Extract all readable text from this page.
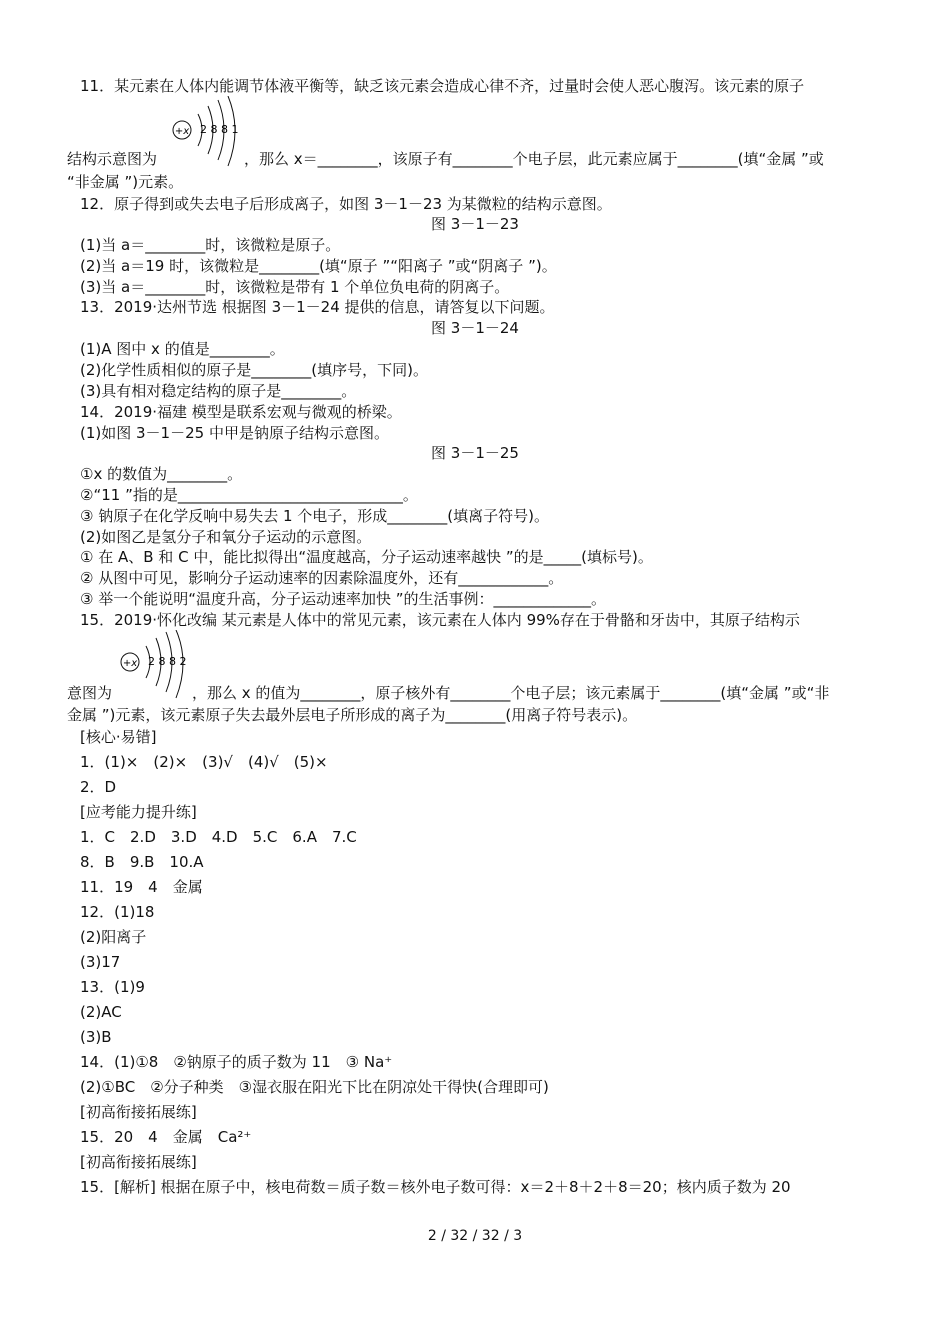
11．某元素在人体内能调节体液平衡等，缺乏该元素会造成心律不齐，过量时会使人恶心腹泻。该元素的原子
+x 2 8 8 1
结构示意图为	，那么 x＝________，该原子有________个电子层，此元素应属于________(填“金属 ”或
“非金属 ”)元素。
12．原子得到或失去电子后形成离子，如图 3－1－23 为某微粒的结构示意图。
图 3－1－23
(1)当 a＝________时，该微粒是原子。
(2)当 a＝19 时，该微粒是________(填“原子 ”“阳离子 ”或“阴离子 ”)。
(3)当 a＝________时，该微粒是带有 1 个单位负电荷的阴离子。
13．2019·达州节选 根据图 3－1－24 提供的信息，请答复以下问题。
图 3－1－24
(1)A 图中 x 的值是________。
(2)化学性质相似的原子是________(填序号，下同)。
(3)具有相对稳定结构的原子是________。
14．2019·福建 模型是联系宏观与微观的桥梁。
(1)如图 3－1－25 中甲是钠原子结构示意图。
图 3－1－25
①x 的数值为________。
②“11 ”指的是______________________________。
③ 钠原子在化学反响中易失去 1 个电子，形成________(填离子符号)。
(2)如图乙是氢分子和氧分子运动的示意图。
① 在 A、B 和 C 中，能比拟得出“温度越高，分子运动速率越快 ”的是_____(填标号)。
② 从图中可见，影响分子运动速率的因素除温度外，还有____________。
③ 举一个能说明“温度升高，分子运动速率加快 ”的生活事例：_____________。
15．2019·怀化改编 某元素是人体中的常见元素，该元素在人体内 99%存在于骨骼和牙齿中，其原子结构示
+x 2 8 8 2
意图为	，那么 x 的值为________，原子核外有________个电子层；该元素属于________(填“金属 ”或“非
金属 ”)元素，该元素原子失去最外层电子所形成的离子为________(用离子符号表示)。
[核心·易错]
1．(1)×　(2)×　(3)√　(4)√　(5)×
2．D
[应考能力提升练]
1．C　2.D　3.D　4.D　5.C　6.A　7.C
8．B　9.B　10.A
11．19　4　金属
12．(1)18
(2)阳离子
(3)17
13．(1)9
(2)AC
(3)B
14．(1)①8　②钠原子的质子数为 11　③ Na⁺
(2)①BC　②分子种类　③湿衣服在阳光下比在阴凉处干得快(合理即可)
[初高衔接拓展练]
15．20　4　金属　Ca²⁺
[初高衔接拓展练]
15．[解析] 根据在原子中，核电荷数＝质子数＝核外电子数可得：x＝2＋8＋2＋8＝20；核内质子数为 20
2 / 32 / 32 / 3
